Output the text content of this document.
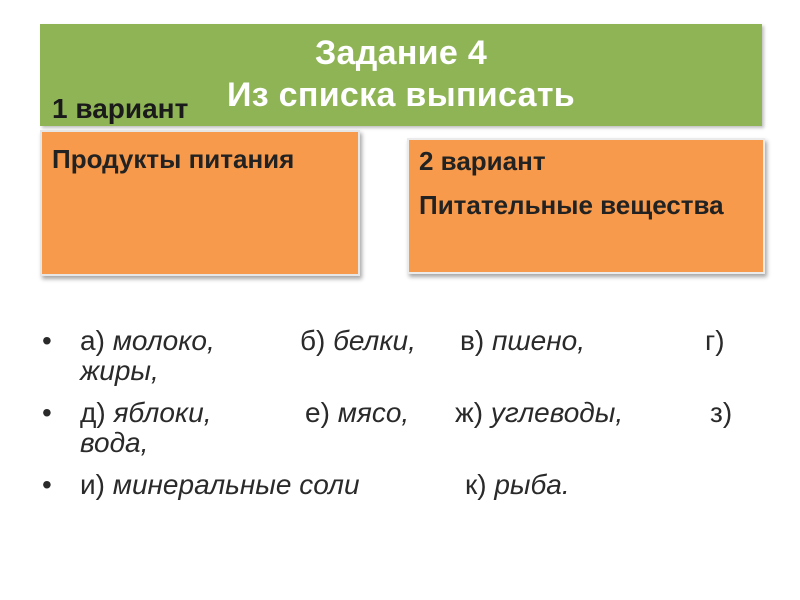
Задание 4
Из списка выписать
Продукты питания
1 вариант
2 вариант
Питательные вещества
• а) молоко,	б) белки, в) пшено,	г)
жиры,
• д) яблоки,	е) мясо, ж) углеводы,	з)
вода,
• и) минеральные соли	к) рыба.
